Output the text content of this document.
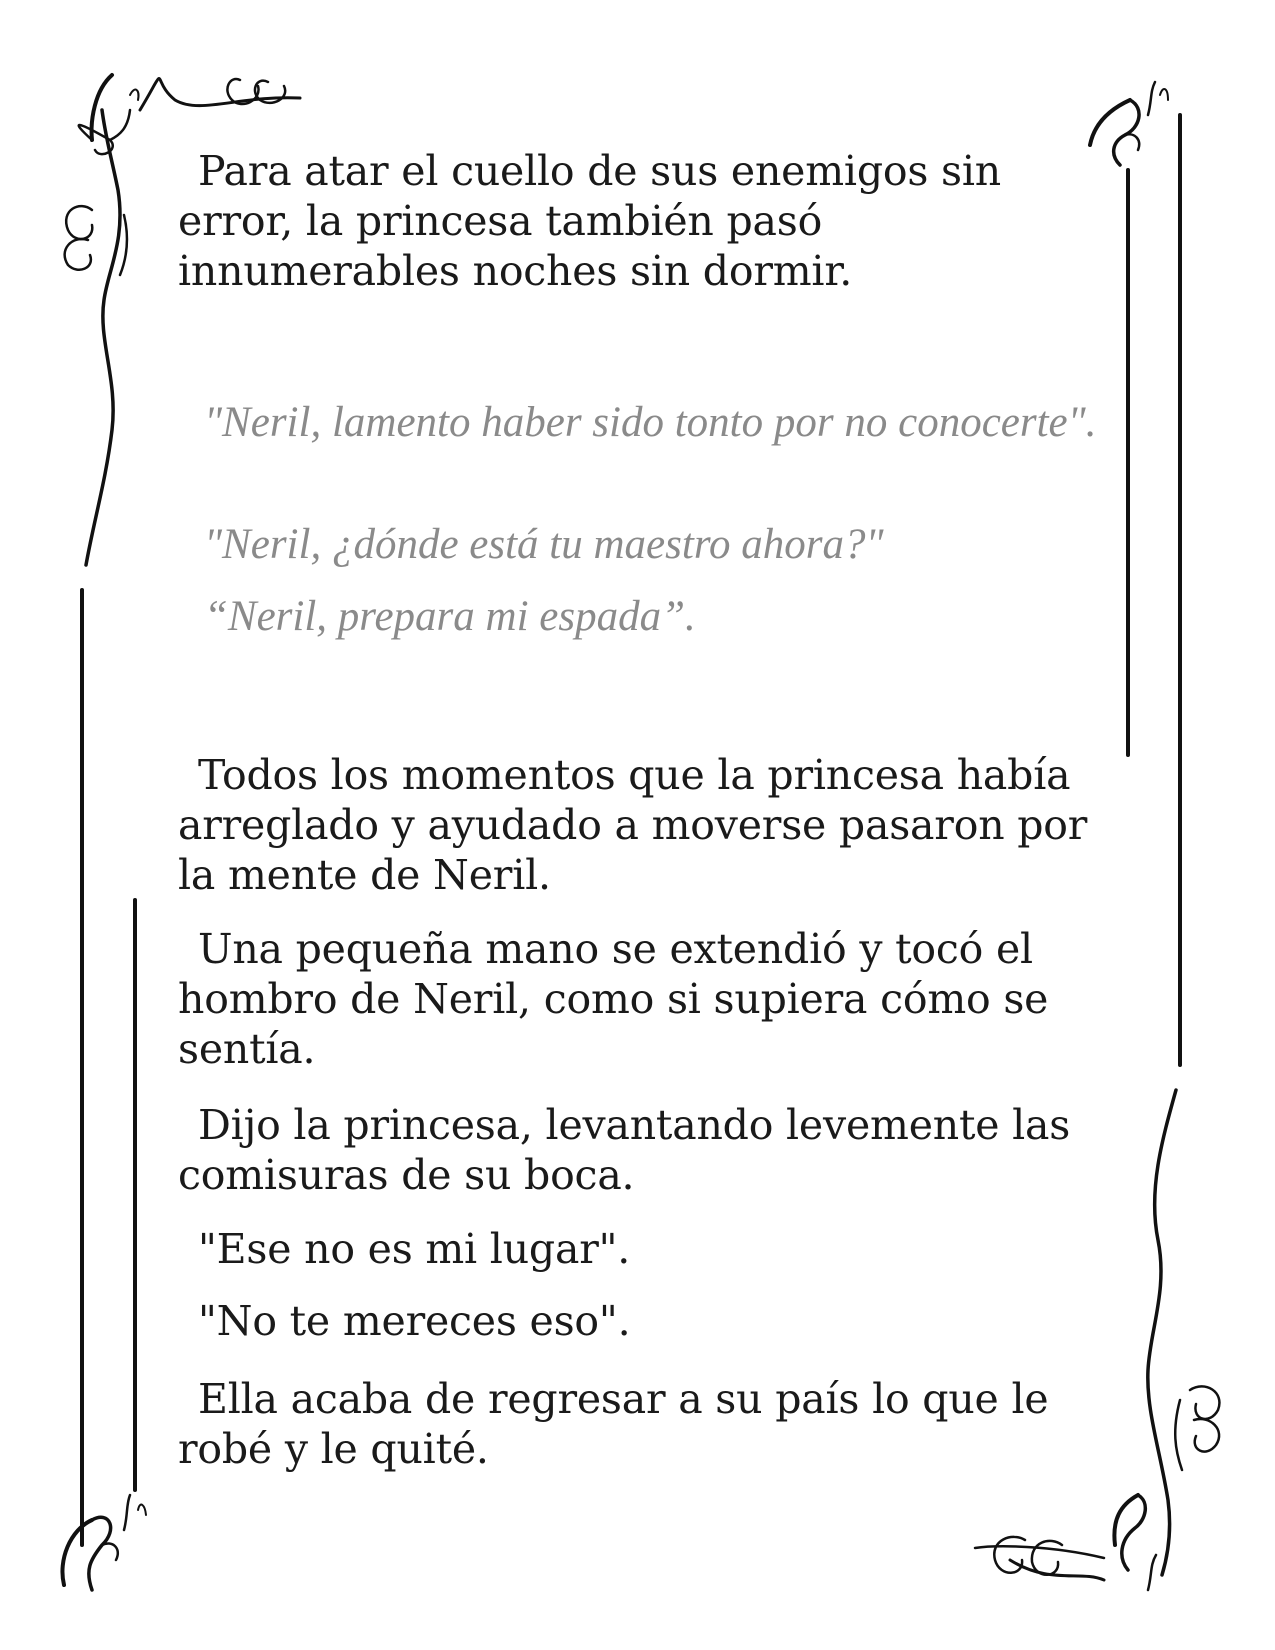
Para atar el cuello de sus enemigos sin error, la princesa también pasó innumerables noches sin dormir.

"Neril, lamento haber sido tonto por no conocerte".

"Neril, ¿dónde está tu maestro ahora?"

“Neril, prepara mi espada”.

Todos los momentos que la princesa había arreglado y ayudado a moverse pasaron por la mente de Neril.

Una pequeña mano se extendió y tocó el hombro de Neril, como si supiera cómo se sentía.

Dijo la princesa, levantando levemente las comisuras de su boca.

"Ese no es mi lugar".

"No te mereces eso".

Ella acaba de regresar a su país lo que le robé y le quité.
